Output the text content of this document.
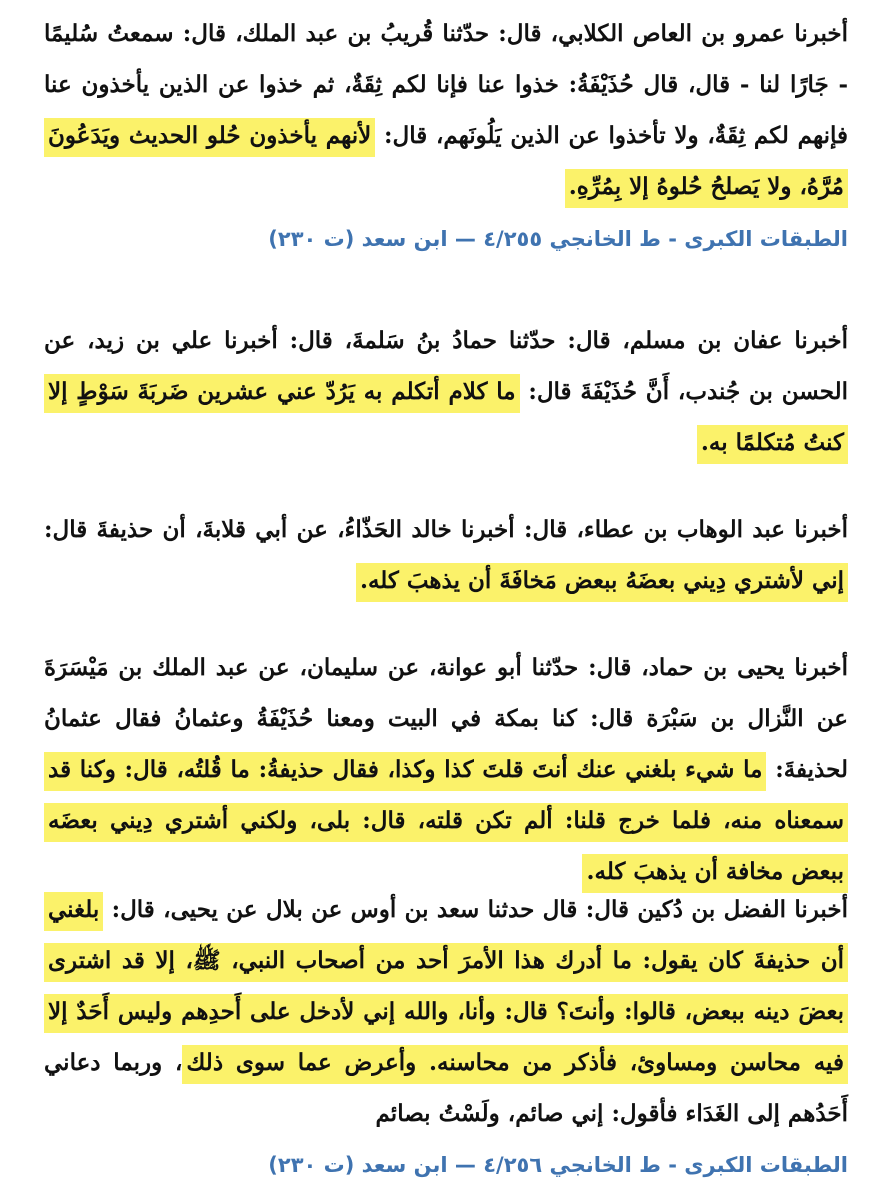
أخبرنا عمرو بن العاص الكلابي، قال: حدّثنا قُريبُ بن عبد الملك، قال: سمعتُ سُليمًا - جَارًا لنا - قال، قال حُذَيْفَةُ: خذوا عنا فإنا لكم ثِقَةٌ، ثم خذوا عن الذين يأخذون عنا فإنهم لكم ثِقَةٌ، ولا تأخذوا عن الذين يَلُونَهم، قال: لأنهم يأخذون حُلو الحديث ويَدَعُونَ مُرَّهُ، ولا يَصلحُ حُلوهُ إلا بِمُرِّهِ.

الطبقات الكبرى - ط الخانجي ٤/٢٥٥ — ابن سعد (ت ٢٣٠)

أخبرنا عفان بن مسلم، قال: حدّثنا حمادُ بنُ سَلمةَ، قال: أخبرنا علي بن زيد، عن الحسن بن جُندب، أَنَّ حُذَيْفَةَ قال: ما كلام أتكلم به يَرُدّ عني عشرين ضَربَةَ سَوْطٍ إلا كنتُ مُتكلمًا به.

أخبرنا عبد الوهاب بن عطاء، قال: أخبرنا خالد الحَذّاءُ، عن أبي قلابةَ، أن حذيفةَ قال: إني لأشتري دِيني بعضَهُ ببعض مَخافَةَ أن يذهبَ كله.

أخبرنا يحيى بن حماد، قال: حدّثنا أبو عوانة، عن سليمان، عن عبد الملك بن مَيْسَرَةَ عن النَّزال بن سَبْرَة قال: كنا بمكة في البيت ومعنا حُذَيْفَةُ وعثمانُ فقال عثمانُ لحذيفةَ: ما شيء بلغني عنك أنتَ قلتَ كذا وكذا، فقال حذيفةُ: ما قُلتُه، قال: وكنا قد سمعناه منه، فلما خرج قلنا: ألم تكن قلته، قال: بلى، ولكني أشتري دِيني بعضَه ببعض مخافة أن يذهبَ كله.

أخبرنا الفضل بن دُكين قال: قال حدثنا سعد بن أوس عن بلال عن يحيى، قال: بلغني أن حذيفةَ كان يقول: ما أدرك هذا الأمرَ أحد من أصحاب النبي، ﷺ، إلا قد اشترى بعضَ دينه ببعض، قالوا: وأنتَ؟ قال: وأنا، والله إني لأدخل على أَحدِهم وليس أَحَدٌ إلا فيه محاسن ومساوئ، فأذكر من محاسنه. وأعرض عما سوى ذلك، وربما دعاني أَحَدُهم إلى الغَدَاء فأقول: إني صائم، ولَسْتُ بصائم

الطبقات الكبرى - ط الخانجي ٤/٢٥٦ — ابن سعد (ت ٢٣٠)
